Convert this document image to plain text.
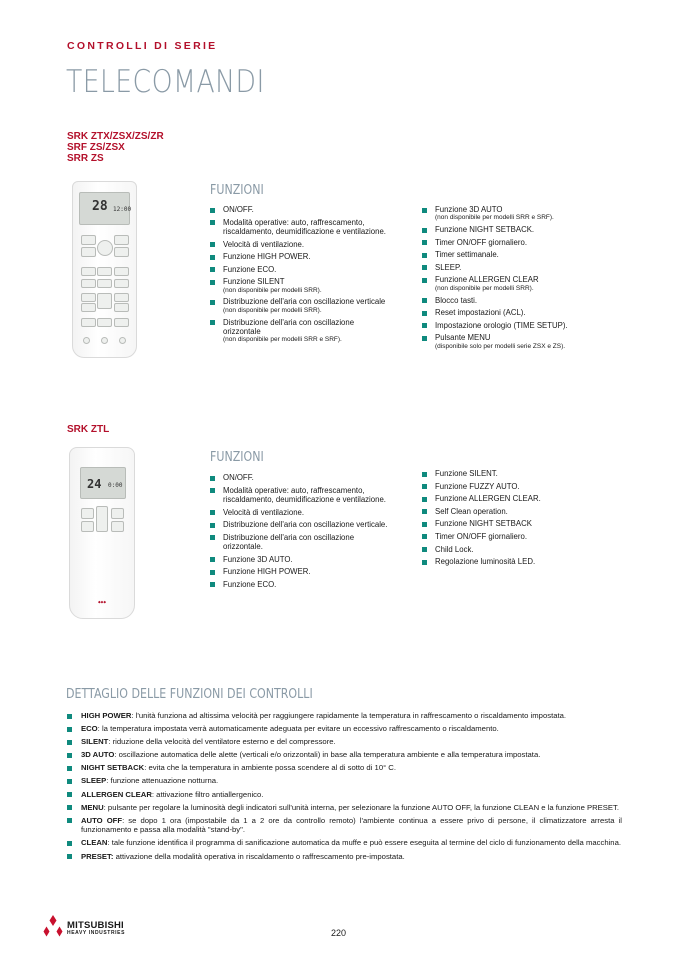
CONTROLLI DI SERIE
TELECOMANDI
SRK ZTX/ZSX/ZS/ZR
SRF ZS/ZSX
SRR ZS
28 12:00
FUNZIONI
ON/OFF.
Modalità operative: auto, raffrescamento, riscaldamento, deumidificazione e ventilazione.
Velocità di ventilazione.
Funzione HIGH POWER.
Funzione ECO.
Funzione SILENT
(non disponibile per modelli SRR).
Distribuzione dell'aria con oscillazione verticale
(non disponibile per modelli SRR).
Distribuzione dell'aria con oscillazione orizzontale
(non disponibile per modelli SRR e SRF).
Funzione 3D AUTO
(non disponibile per modelli SRR e SRF).
Funzione NIGHT SETBACK.
Timer ON/OFF giornaliero.
Timer settimanale.
SLEEP.
Funzione ALLERGEN CLEAR
(non disponibile per modelli SRR).
Blocco tasti.
Reset impostazioni (ACL).
Impostazione orologio (TIME SETUP).
Pulsante MENU
(disponibile solo per modelli serie ZSX e ZS).
SRK ZTL
24 0:00
◆◆◆
FUNZIONI
ON/OFF.
Modalità operative: auto, raffrescamento, riscaldamento, deumidificazione e ventilazione.
Velocità di ventilazione.
Distribuzione dell'aria con oscillazione verticale.
Distribuzione dell'aria con oscillazione orizzontale.
Funzione 3D AUTO.
Funzione HIGH POWER.
Funzione ECO.
Funzione SILENT.
Funzione FUZZY AUTO.
Funzione ALLERGEN CLEAR.
Self Clean operation.
Funzione NIGHT SETBACK
Timer ON/OFF giornaliero.
Child Lock.
Regolazione luminosità LED.
DETTAGLIO DELLE FUNZIONI DEI CONTROLLI
HIGH POWER: l'unità funziona ad altissima velocità per raggiungere rapidamente la temperatura in raffrescamento o riscaldamento impostata.
ECO: la temperatura impostata verrà automaticamente adeguata per evitare un eccessivo raffrescamento o riscaldamento.
SILENT: riduzione della velocità del ventilatore esterno e del compressore.
3D AUTO: oscillazione automatica delle alette (verticali e/o orizzontali) in base alla temperatura ambiente e alla temperatura impostata.
NIGHT SETBACK: evita che la temperatura in ambiente possa scendere al di sotto di 10° C.
SLEEP: funzione attenuazione notturna.
ALLERGEN CLEAR: attivazione filtro antiallergenico.
MENU: pulsante per regolare la luminosità degli indicatori sull'unità interna, per selezionare la funzione AUTO OFF, la funzione CLEAN e la funzione PRESET.
AUTO OFF: se dopo 1 ora (impostabile da 1 a 2 ore da controllo remoto) l'ambiente continua a essere privo di persone, il climatizzatore arresta il funzionamento e passa alla modalità "stand-by".
CLEAN: tale funzione identifica il programma di sanificazione automatica da muffe e può essere eseguita al termine del ciclo di funzionamento della macchina.
PRESET: attivazione della modalità operativa in riscaldamento o raffrescamento pre-impostata.
MITSUBISHI
HEAVY INDUSTRIES	220
